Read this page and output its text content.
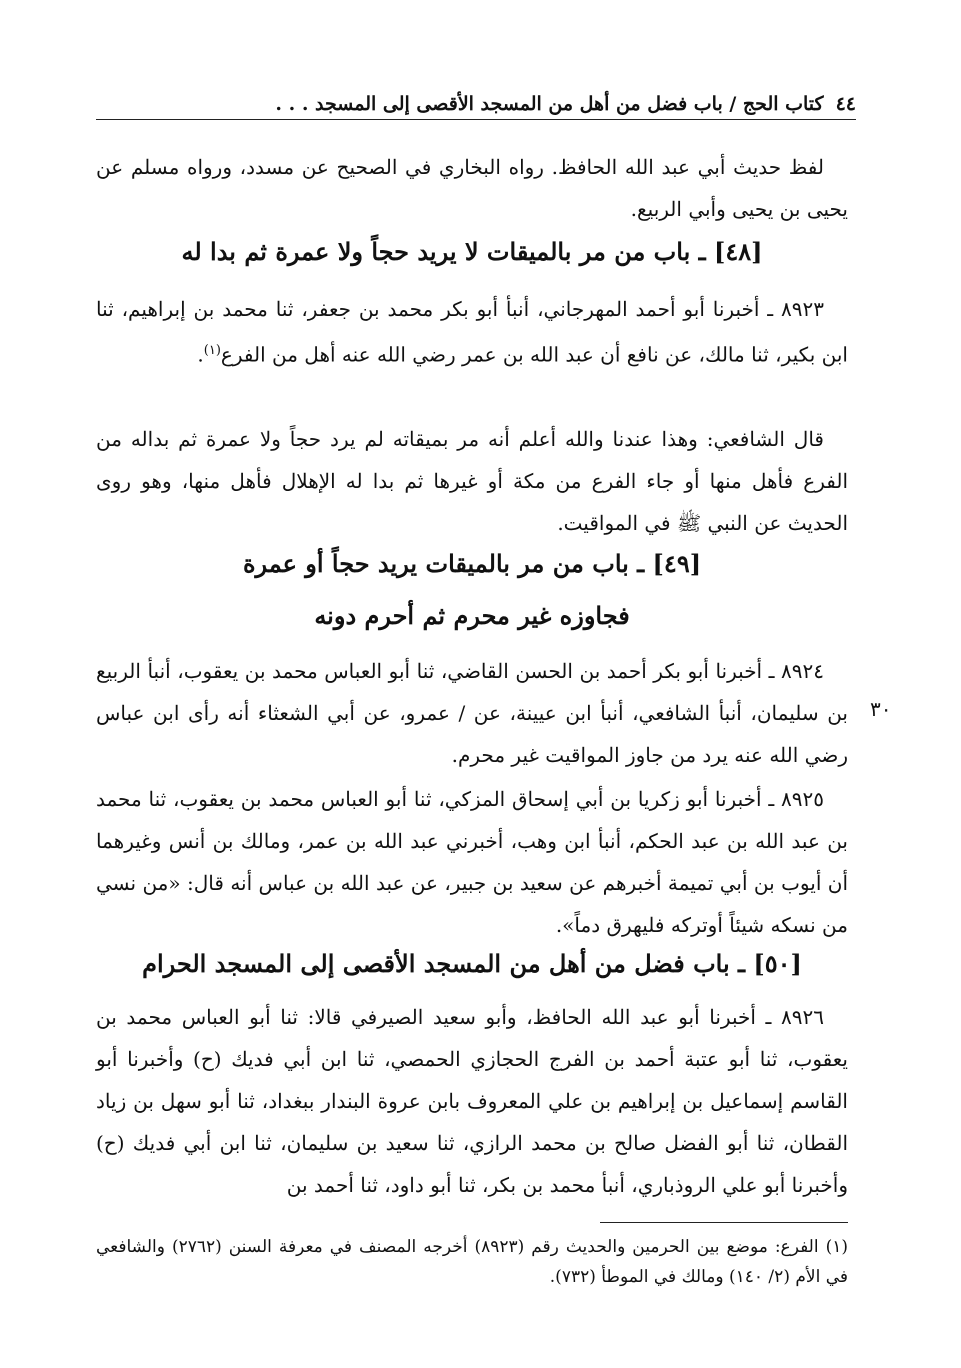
٤٤
كتاب الحج / باب فضل من أهل من المسجد الأقصى إلى المسجد . . .

لفظ حديث أبي عبد الله الحافظ. رواه البخاري في الصحيح عن مسدد، ورواه مسلم عن يحيى بن يحيى وأبي الربيع.

[٤٨] ـ باب من مر بالميقات لا يريد حجاً ولا عمرة ثم بدا له

٨٩٢٣ ـ أخبرنا أبو أحمد المهرجاني، أنبأ أبو بكر محمد بن جعفر، ثنا محمد بن إبراهيم، ثنا ابن بكير، ثنا مالك، عن نافع أن عبد الله بن عمر رضي الله عنه أهل من الفرع$^{(١)}$.

قال الشافعي: وهذا عندنا والله أعلم أنه مر بميقاته لم يرد حجاً ولا عمرة ثم بداله من الفرع فأهل منها أو جاء الفرع من مكة أو غيرها ثم بدا له الإهلال فأهل منها، وهو روى الحديث عن النبي ﷺ في المواقيت.

[٤٩] ـ باب من مر بالميقات يريد حجاً أو عمرة
فجاوزه غير محرم ثم أحرم دونه

٨٩٢٤ ـ أخبرنا أبو بكر أحمد بن الحسن القاضي، ثنا أبو العباس محمد بن يعقوب، أنبأ الربيع بن سليمان، أنبأ الشافعي، أنبأ ابن عيينة، عن / عمرو، عن أبي الشعثاء أنه رأى ابن عباس رضي الله عنه يرد من جاوز المواقيت غير محرم.

٣٠

٨٩٢٥ ـ أخبرنا أبو زكريا بن أبي إسحاق المزكي، ثنا أبو العباس محمد بن يعقوب، ثنا محمد بن عبد الله بن عبد الحكم، أنبأ ابن وهب، أخبرني عبد الله بن عمر، ومالك بن أنس وغيرهما أن أيوب بن أبي تميمة أخبرهم عن سعيد بن جبير، عن عبد الله بن عباس أنه قال: «من نسي من نسكه شيئاً أوتركه فليهرق دماً».

[٥٠] ـ باب فضل من أهل من المسجد الأقصى إلى المسجد الحرام

٨٩٢٦ ـ أخبرنا أبو عبد الله الحافظ، وأبو سعيد الصيرفي قالا: ثنا أبو العباس محمد بن يعقوب، ثنا أبو عتبة أحمد بن الفرج الحجازي الحمصي، ثنا ابن أبي فديك (ح) وأخبرنا أبو القاسم إسماعيل بن إبراهيم بن علي المعروف بابن عروة البندار ببغداد، ثنا أبو سهل بن زياد القطان، ثنا أبو الفضل صالح بن محمد الرازي، ثنا سعيد بن سليمان، ثنا ابن أبي فديك (ح) وأخبرنا أبو علي الروذباري، أنبأ محمد بن بكر، ثنا أبو داود، ثنا أحمد بن

(١) الفرع: موضع بين الحرمين والحديث رقم (٨٩٢٣) أخرجه المصنف في معرفة السنن (٢٧٦٢) والشافعي في الأم (٢/ ١٤٠) ومالك في الموطأ (٧٣٢).
